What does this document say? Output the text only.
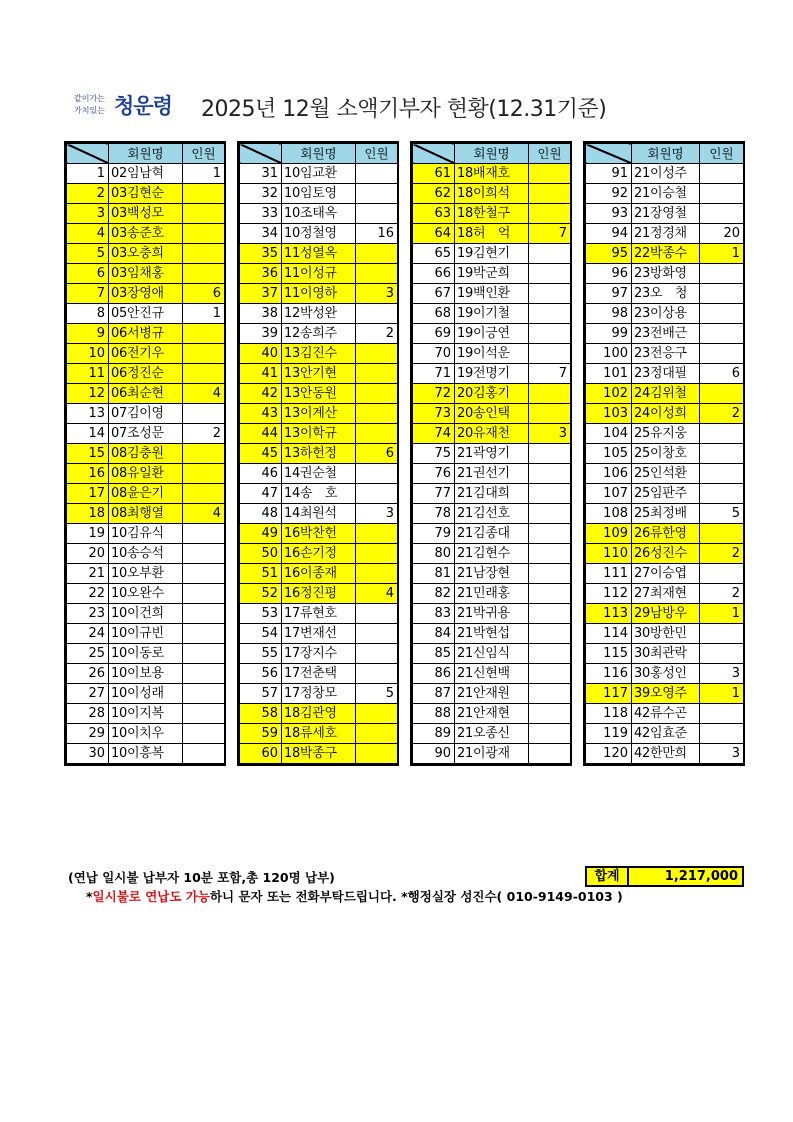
같이가는
가치있는 청운령 2025년 12월 소액기부자 현황(12.31기준)
	회원명	인원
1	02임남혁	1
2	03김현순	
3	03백성모	
4	03송준호	
5	03오충희	
6	03임채홍	
7	03장영애	6
8	05안진규	1
9	06서병규	
10	06전기우	
11	06정진순	
12	06최순현	4
13	07김이영	
14	07조성문	2
15	08김충원	
16	08유일환	
17	08윤은기	
18	08최행열	4
19	10김유식	
20	10송승석	
21	10오부환	
22	10오완수	
23	10이건희	
24	10이규빈	
25	10이동로	
26	10이보용	
27	10이성래	
28	10이지복	
29	10이치우	
30	10이흥복	
	회원명	인원
31	10임교환	
32	10임토영	
33	10조태옥	
34	10정철영	16
35	11성열옥	
36	11이성규	
37	11이영하	3
38	12박성완	
39	12송희주	2
40	13김진수	
41	13안기현	
42	13안동원	
43	13이계산	
44	13이학규	
45	13하헌정	6
46	14권순철	
47	14송　호	
48	14최원석	3
49	16박찬헌	
50	16손기정	
51	16이종재	
52	16정진평	4
53	17류현호	
54	17변재선	
55	17장지수	
56	17전춘택	
57	17정창모	5
58	18김관영	
59	18류세호	
60	18박종구	
	회원명	인원
61	18배재호	
62	18이희석	
63	18한철구	
64	18허　억	7
65	19김현기	
66	19박군희	
67	19백인환	
68	19이기철	
69	19이긍연	
70	19이석운	
71	19전명기	7
72	20김홍기	
73	20송인택	
74	20유재천	3
75	21곽영기	
76	21권선기	
77	21김대희	
78	21김선호	
79	21김종대	
80	21김현수	
81	21남장현	
82	21민래홍	
83	21박귀용	
84	21박현섭	
85	21신임식	
86	21신현백	
87	21안재원	
88	21안재현	
89	21오종신	
90	21이광재	
	회원명	인원
91	21이성주	
92	21이승철	
93	21장영철	
94	21정경채	20
95	22박종수	1
96	23방화영	
97	23오　청	
98	23이상용	
99	23전배근	
100	23전응구	
101	23정대필	6
102	24김위철	
103	24이성희	2
104	25유지웅	
105	25이창호	
106	25인석환	
107	25임판주	
108	25최정배	5
109	26류한영	
110	26성진수	2
111	27이승엽	
112	27최재현	2
113	29남방우	1
114	30방한민	
115	30최관락	
116	30홍성인	3
117	39오영주	1
118	42류수곤	
119	42임효준	
120	42한만희	3
(연납 일시불 납부자 10분 포함,총 120명 납부)
*일시불로 연납도 가능하니 문자 또는 전화부탁드립니다. *행정실장 성진수( 010-9149-0103 )
합계	1,217,000
